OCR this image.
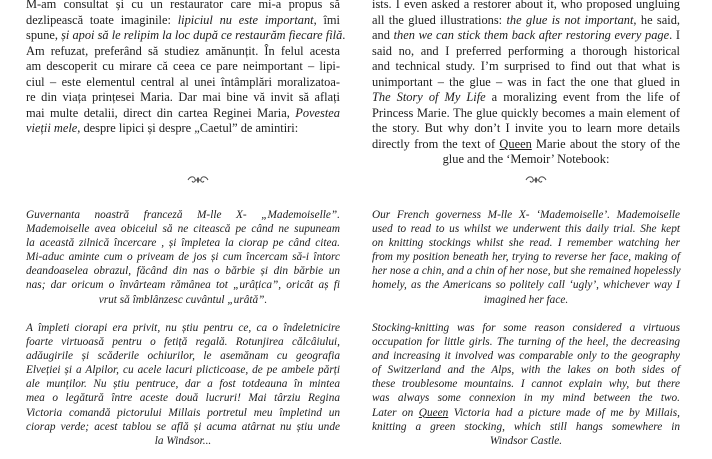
M-am consultat și cu un restaurator care mi-a propus să
dezlipească toate imaginile: lipiciul nu este important, îmi
spune, și apoi să le relipim la loc după ce restaurăm fiecare filă.
Am refuzat, preferând să studiez amănunțit. În felul acesta
am descoperit cu mirare că ceea ce pare neimportant – lipi-
ciul – este elementul central al unei întâmplări moralizatoa-
re din viața prințesei Maria. Dar mai bine vă invit să aflați
mai multe detalii, direct din cartea Reginei Maria, Povestea
vieții mele, despre lipici și despre „Caetul” de amintiri:
Guvernanta noastră franceză M-lle X- „Mademoiselle”.
Mademoiselle avea obiceiul să ne citească pe când ne supuneam
la această zilnică încercare , și împletea la ciorap pe când citea.
Mi-aduc aminte cum o priveam de jos și cum încercam să-i întorc
deandoaselea obrazul, făcând din nas o bărbie și din bărbie un
nas; dar oricum o învârteam rămânea tot „urâțica”, oricât aș fi
vrut să îmblânzesc cuvântul „urâtă”.
A împleti ciorapi era privit, nu știu pentru ce, ca o îndeletnicire
foarte virtuoasă pentru o fetiță regală. Rotunjirea călcâiului,
adăugirile și scăderile ochiurilor, le asemănam cu geografia
Elveției și a Alpilor, cu acele lacuri plicticoase, de pe ambele părți
ale munților. Nu știu pentruce, dar a fost totdeauna în mintea
mea o legătură între aceste două lucruri! Mai târziu Regina
Victoria comandă pictorului Millais portretul meu împletind un
ciorap verde; acest tablou se află și acuma atârnat nu știu unde
la Windsor...
ists. I even asked a restorer about it, who proposed ungluing
all the glued illustrations: the glue is not important, he said,
and then we can stick them back after restoring every page. I
said no, and I preferred performing a thorough historical
and technical study. I’m surprised to find out that what is
unimportant – the glue – was in fact the one that glued in
The Story of My Life a moralizing event from the life of
Princess Marie. The glue quickly becomes a main element of
the story. But why don’t I invite you to learn more details
directly from the text of Queen Marie about the story of the
glue and the ‘Memoir’ Notebook:
Our French governess M-lle X- ‘Mademoiselle’. Mademoiselle
used to read to us whilst we underwent this daily trial. She kept
on knitting stockings whilst she read. I remember watching her
from my position beneath her, trying to reverse her face, making of
her nose a chin, and a chin of her nose, but she remained hopelessly
homely, as the Americans so politely call ‘ugly’, whichever way I
imagined her face.
Stocking-knitting was for some reason considered a virtuous
occupation for little girls. The turning of the heel, the decreasing
and increasing it involved was comparable only to the geography
of Switzerland and the Alps, with the lakes on both sides of
these troublesome mountains. I cannot explain why, but there
was always some connexion in my mind between the two.
Later on Queen Victoria had a picture made of me by Millais,
knitting a green stocking, which still hangs somewhere in
Windsor Castle.
